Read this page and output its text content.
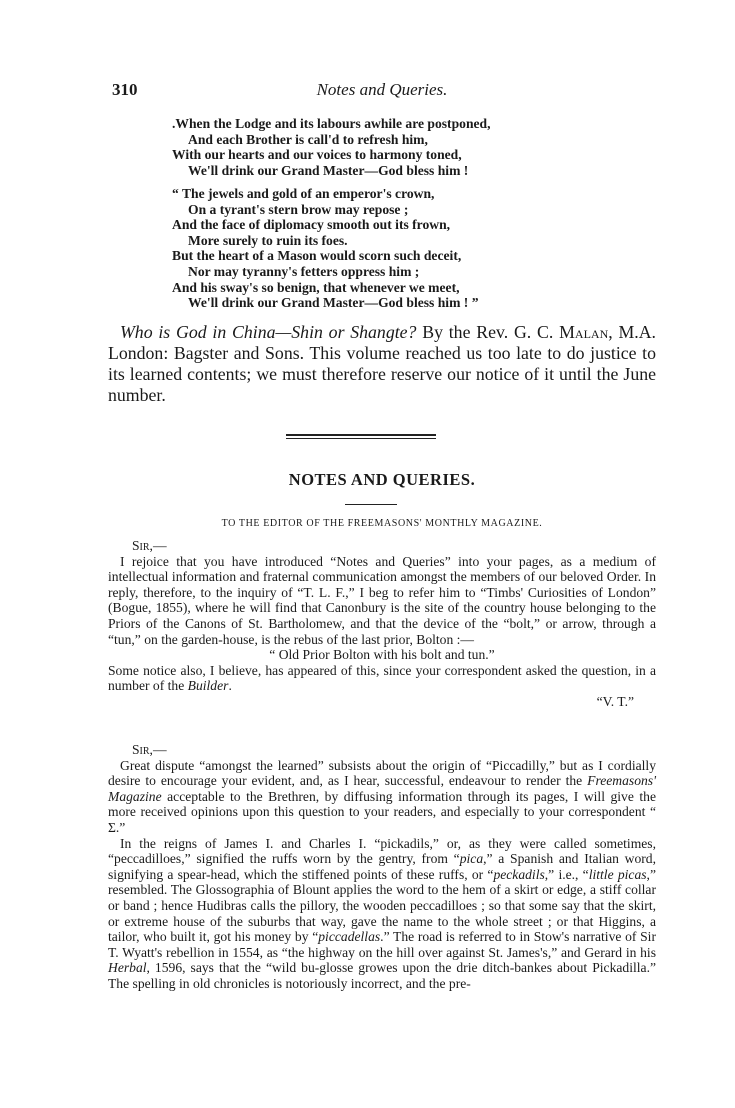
310	Notes and Queries.
.When the Lodge and its labours awhile are postponed,
And each Brother is call'd to refresh him,
With our hearts and our voices to harmony toned,
We'll drink our Grand Master—God bless him !
“ The jewels and gold of an emperor's crown,
On a tyrant's stern brow may repose ;
And the face of diplomacy smooth out its frown,
More surely to ruin its foes.
But the heart of a Mason would scorn such deceit,
Nor may tyranny's fetters oppress him ;
And his sway's so benign, that whenever we meet,
We'll drink our Grand Master—God bless him ! ”

Who is God in China—Shin or Shangte? By the Rev. G. C. Malan, M.A. London: Bagster and Sons. This volume reached us too late to do justice to its learned contents; we must therefore reserve our notice of it until the June number.

NOTES AND QUERIES.
TO THE EDITOR OF THE FREEMASONS' MONTHLY MAGAZINE.

Sir,—

I rejoice that you have introduced “Notes and Queries” into your pages, as a medium of intellectual information and fraternal communication amongst the members of our beloved Order. In reply, therefore, to the inquiry of “T. L. F.,” I beg to refer him to “Timbs' Curiosities of London” (Bogue, 1855), where he will find that Canonbury is the site of the country house belonging to the Priors of the Canons of St. Bartholomew, and that the device of the “bolt,” or arrow, through a “tun,” on the garden-house, is the rebus of the last prior, Bolton :—

“ Old Prior Bolton with his bolt and tun.”

Some notice also, I believe, has appeared of this, since your correspondent asked the question, in a number of the Builder.

“V. T.”

Sir,—

Great dispute “amongst the learned” subsists about the origin of “Piccadilly,” but as I cordially desire to encourage your evident, and, as I hear, successful, endeavour to render the Freemasons' Magazine acceptable to the Brethren, by diffusing information through its pages, I will give the more received opinions upon this question to your readers, and especially to your correspondent “ Σ.”

In the reigns of James I. and Charles I. “pickadils,” or, as they were called sometimes, “peccadilloes,” signified the ruffs worn by the gentry, from “pica,” a Spanish and Italian word, signifying a spear-head, which the stiffened points of these ruffs, or “peckadils,” i.e., “little picas,” resembled. The Glossographia of Blount applies the word to the hem of a skirt or edge, a stiff collar or band ; hence Hudibras calls the pillory, the wooden peccadilloes ; so that some say that the skirt, or extreme house of the suburbs that way, gave the name to the whole street ; or that Higgins, a tailor, who built it, got his money by “piccadellas.” The road is referred to in Stow's narrative of Sir T. Wyatt's rebellion in 1554, as “the highway on the hill over against St. James's,” and Gerard in his Herbal, 1596, says that the “wild bu-glosse growes upon the drie ditch-bankes about Pickadilla.” The spelling in old chronicles is notoriously incorrect, and the pre-
